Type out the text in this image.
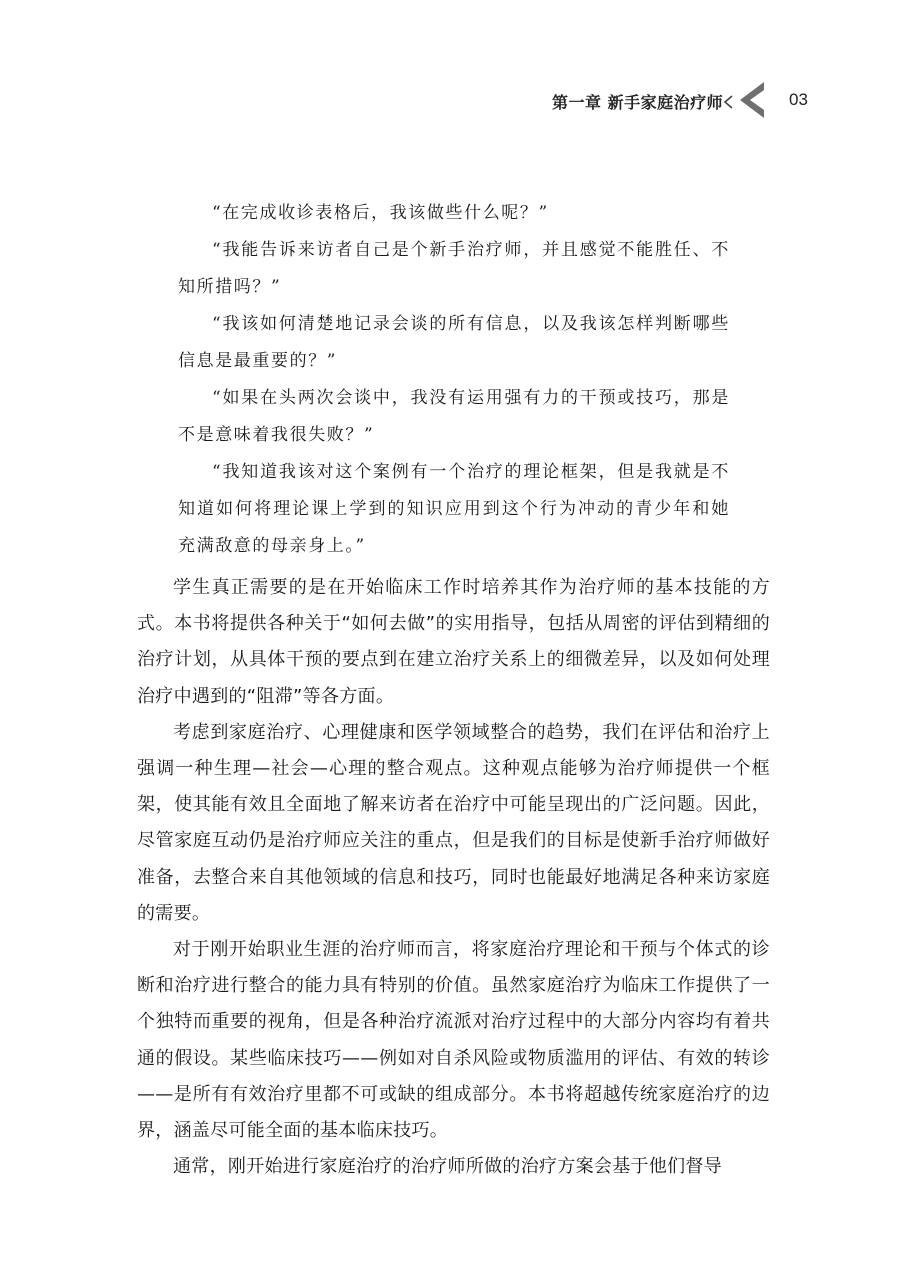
第一章 新手家庭治疗师	03

“在完成收诊表格后，我该做些什么呢？”

“我能告诉来访者自己是个新手治疗师，并且感觉不能胜任、不知所措吗？”

“我该如何清楚地记录会谈的所有信息，以及我该怎样判断哪些信息是最重要的？”

“如果在头两次会谈中，我没有运用强有力的干预或技巧，那是不是意味着我很失败？”

“我知道我该对这个案例有一个治疗的理论框架，但是我就是不知道如何将理论课上学到的知识应用到这个行为冲动的青少年和她充满敌意的母亲身上。”

学生真正需要的是在开始临床工作时培养其作为治疗师的基本技能的方式。本书将提供各种关于“如何去做”的实用指导，包括从周密的评估到精细的治疗计划，从具体干预的要点到在建立治疗关系上的细微差异，以及如何处理治疗中遇到的“阻滞”等各方面。

考虑到家庭治疗、心理健康和医学领域整合的趋势，我们在评估和治疗上强调一种生理—社会—心理的整合观点。这种观点能够为治疗师提供一个框架，使其能有效且全面地了解来访者在治疗中可能呈现出的广泛问题。因此，尽管家庭互动仍是治疗师应关注的重点，但是我们的目标是使新手治疗师做好准备，去整合来自其他领域的信息和技巧，同时也能最好地满足各种来访家庭的需要。

对于刚开始职业生涯的治疗师而言，将家庭治疗理论和干预与个体式的诊断和治疗进行整合的能力具有特别的价值。虽然家庭治疗为临床工作提供了一个独特而重要的视角，但是各种治疗流派对治疗过程中的大部分内容均有着共通的假设。某些临床技巧——例如对自杀风险或物质滥用的评估、有效的转诊——是所有有效治疗里都不可或缺的组成部分。本书将超越传统家庭治疗的边界，涵盖尽可能全面的基本临床技巧。

通常，刚开始进行家庭治疗的治疗师所做的治疗方案会基于他们督导
